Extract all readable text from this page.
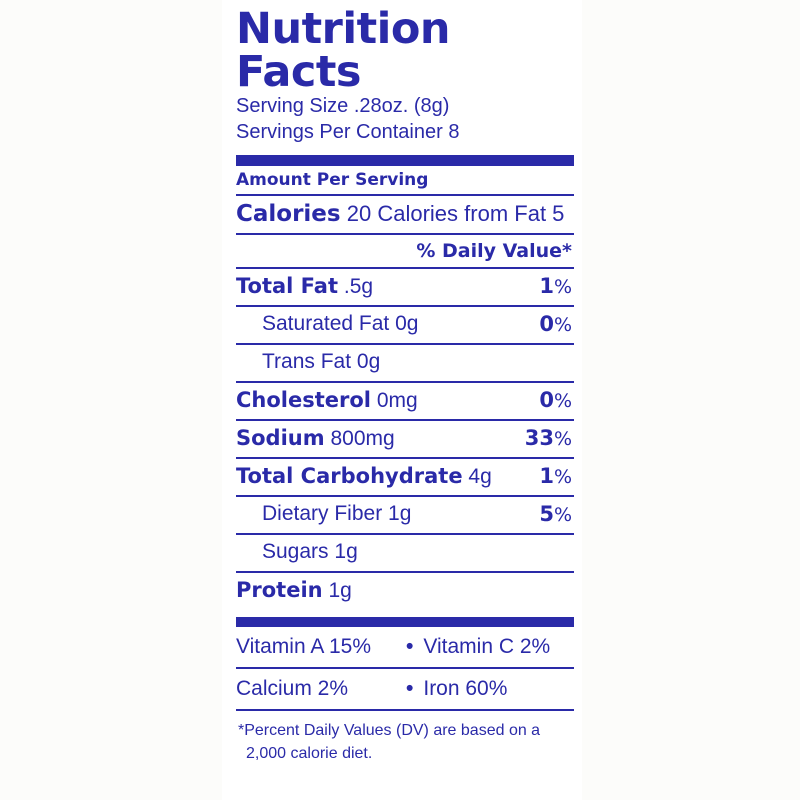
Nutrition Facts
Serving Size .28oz. (8g)
Servings Per Container 8
Amount Per Serving
Calories 20 Calories from Fat 5
% Daily Value*
Total Fat .5g	1%
Saturated Fat 0g	0%
Trans Fat 0g
Cholesterol 0mg	0%
Sodium 800mg	33%
Total Carbohydrate 4g 1%
Dietary Fiber 1g	5%
Sugars 1g
Protein 1g
Vitamin A 15% • Vitamin C 2%
Calcium 2%	• Iron 60%
*Percent Daily Values (DV) are based on a
2,000 calorie diet.
